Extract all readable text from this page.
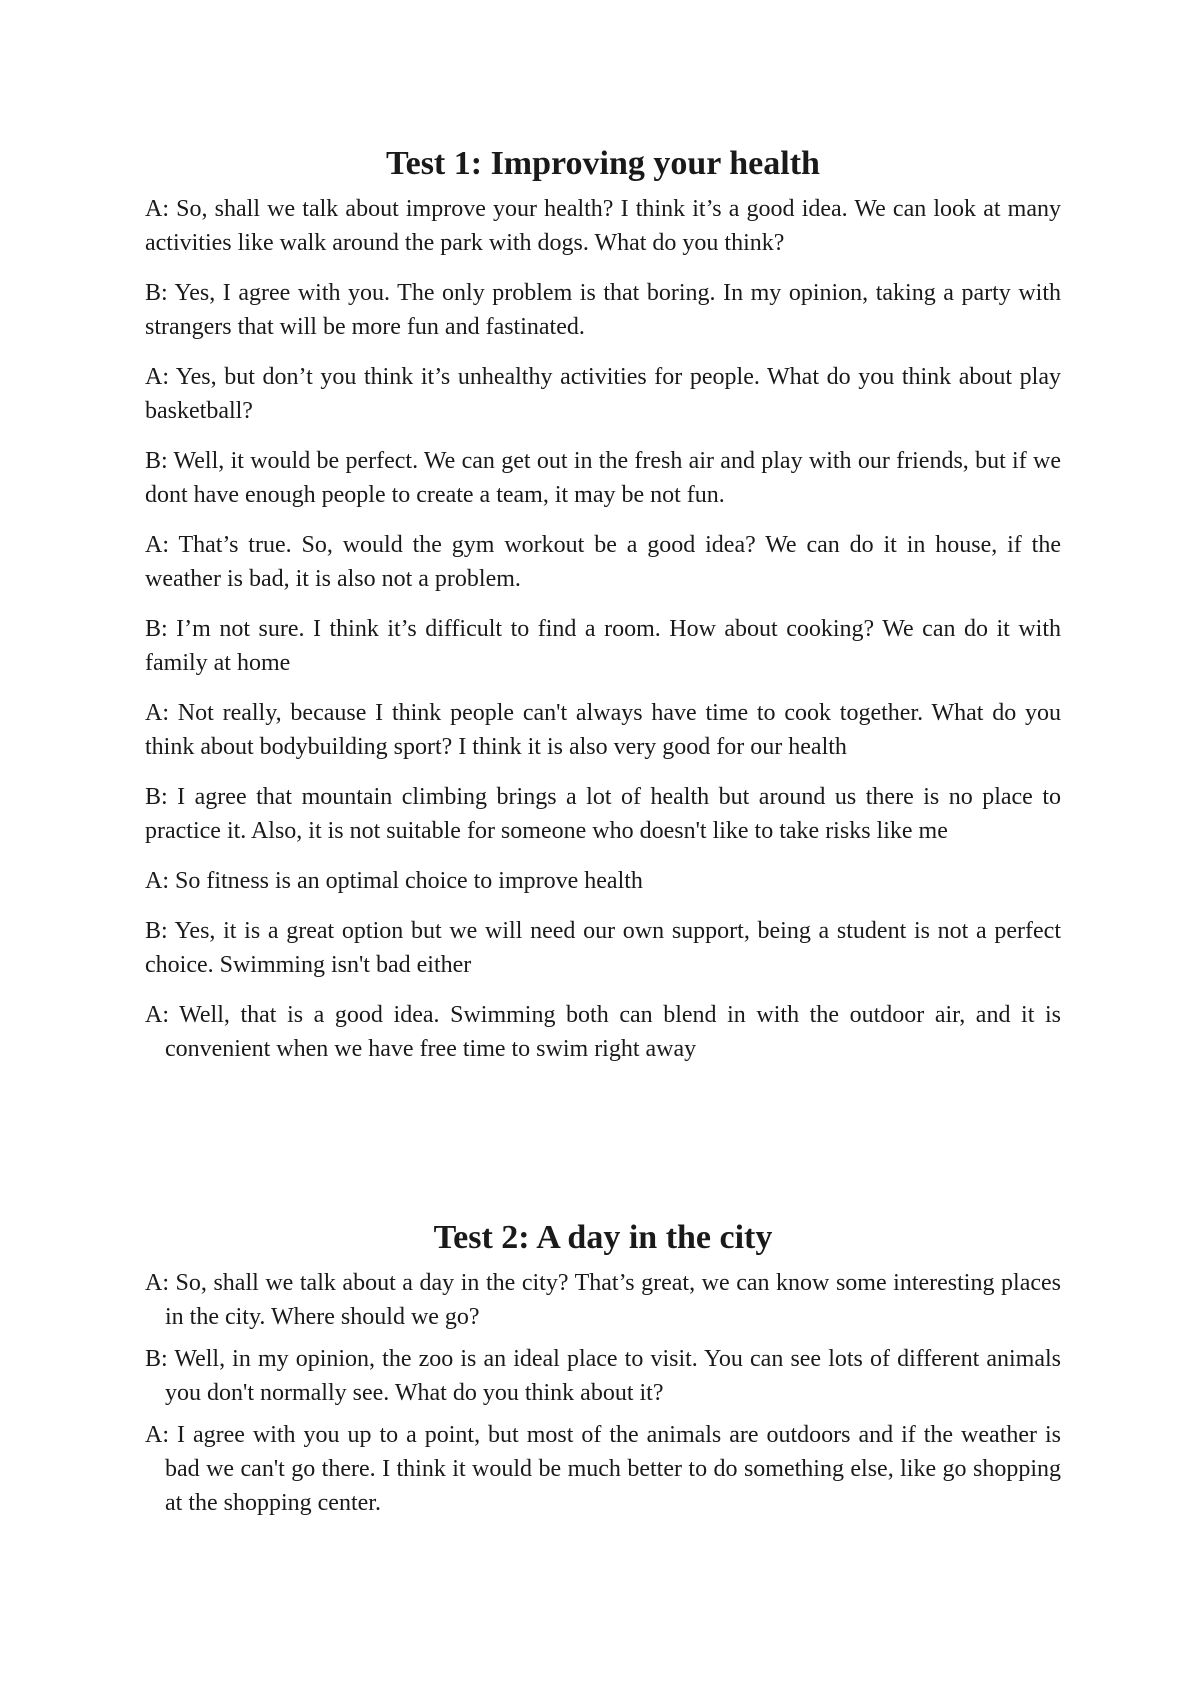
Test 1: Improving your health

A: So, shall we talk about improve your health? I think it’s a good idea. We can look at many activities like walk around the park with dogs. What do you think?

B: Yes, I agree with you. The only problem is that boring. In my opinion, taking a party with strangers that will be more fun and fastinated.

A: Yes, but don’t you think it’s unhealthy activities for people. What do you think about play basketball?

B: Well, it would be perfect. We can get out in the fresh air and play with our friends, but if we dont have enough people to create a team, it may be not fun.

A: That’s true. So, would the gym workout be a good idea? We can do it in house, if the weather is bad, it is also not a problem.

B: I’m not sure. I think it’s difficult to find a room. How about cooking? We can do it with family at home

A: Not really, because I think people can't always have time to cook together. What do you think about bodybuilding sport? I think it is also very good for our health

B: I agree that mountain climbing brings a lot of health but around us there is no place to practice it. Also, it is not suitable for someone who doesn't like to take risks like me

A: So fitness is an optimal choice to improve health

B: Yes, it is a great option but we will need our own support, being a student is not a perfect choice. Swimming isn't bad either

A: Well, that is a good idea. Swimming both can blend in with the outdoor air, and it is convenient when we have free time to swim right away

Test 2: A day in the city

A: So, shall we talk about a day in the city? That’s great, we can know some interesting places in the city. Where should we go?

B: Well, in my opinion, the zoo is an ideal place to visit. You can see lots of different animals you don't normally see. What do you think about it?

A: I agree with you up to a point, but most of the animals are outdoors and if the weather is bad we can't go there. I think it would be much better to do something else, like go shopping at the shopping center.
